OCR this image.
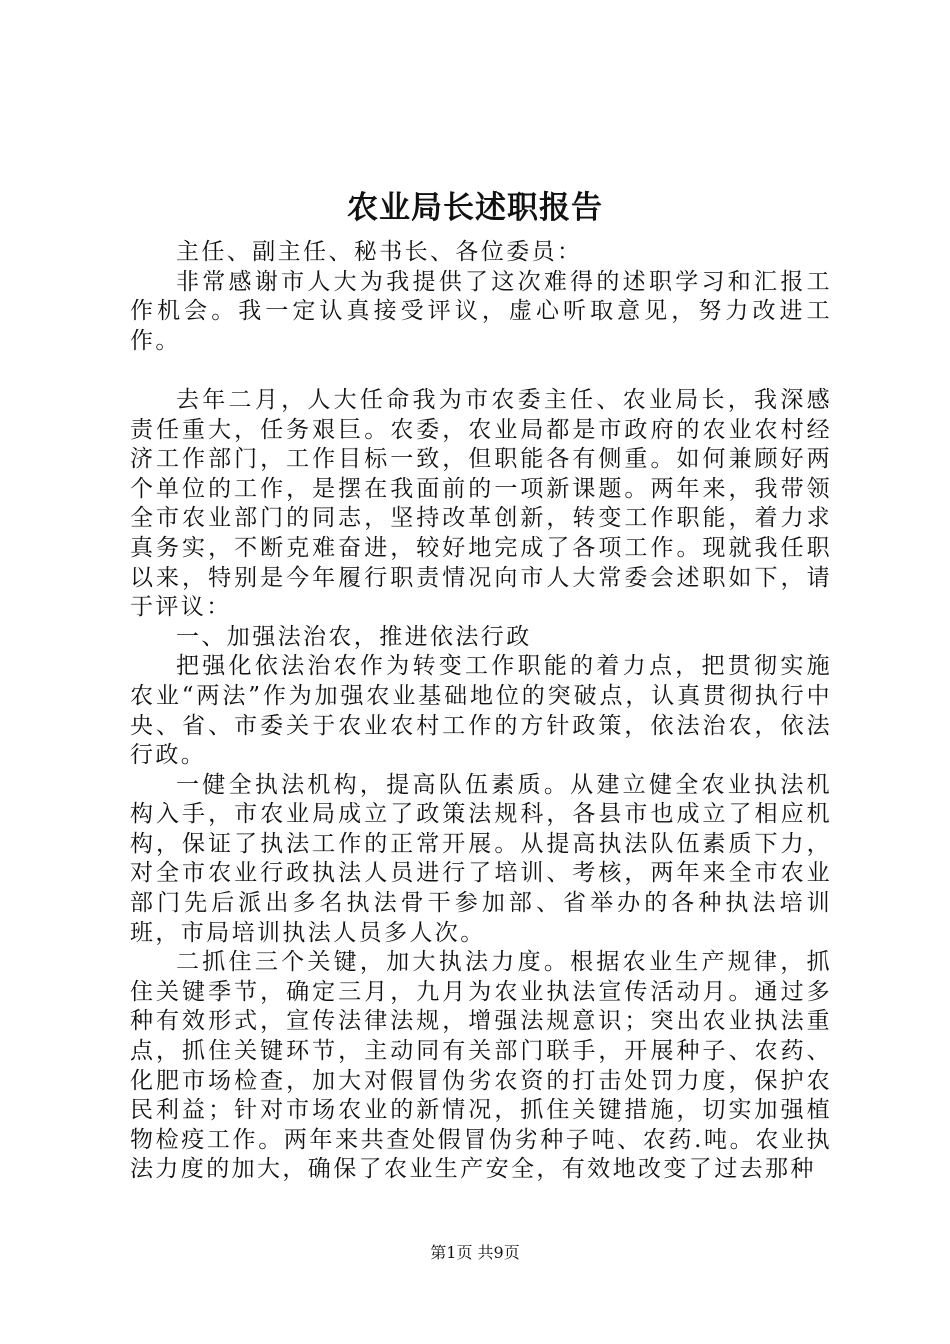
农业局长述职报告

主任、副主任、秘书长、各位委员：

非常感谢市人大为我提供了这次难得的述职学习和汇报工作机会。我一定认真接受评议，虚心听取意见，努力改进工作。

去年二月，人大任命我为市农委主任、农业局长，我深感责任重大，任务艰巨。农委，农业局都是市政府的农业农村经济工作部门，工作目标一致，但职能各有侧重。如何兼顾好两个单位的工作，是摆在我面前的一项新课题。两年来，我带领全市农业部门的同志，坚持改革创新，转变工作职能，着力求真务实，不断克难奋进，较好地完成了各项工作。现就我任职以来，特别是今年履行职责情况向市人大常委会述职如下，请于评议：

一、加强法治农，推进依法行政

把强化依法治农作为转变工作职能的着力点，把贯彻实施农业“两法”作为加强农业基础地位的突破点，认真贯彻执行中央、省、市委关于农业农村工作的方针政策，依法治农，依法行政。

一健全执法机构，提高队伍素质。从建立健全农业执法机构入手，市农业局成立了政策法规科，各县市也成立了相应机构，保证了执法工作的正常开展。从提高执法队伍素质下力，对全市农业行政执法人员进行了培训、考核，两年来全市农业部门先后派出多名执法骨干参加部、省举办的各种执法培训班，市局培训执法人员多人次。

二抓住三个关键，加大执法力度。根据农业生产规律，抓住关键季节，确定三月，九月为农业执法宣传活动月。通过多种有效形式，宣传法律法规，增强法规意识；突出农业执法重点，抓住关键环节，主动同有关部门联手，开展种子、农药、化肥市场检查，加大对假冒伪劣农资的打击处罚力度，保护农民利益；针对市场农业的新情况，抓住关键措施，切实加强植物检疫工作。两年来共查处假冒伪劣种子吨、农药.吨。农业执法力度的加大，确保了农业生产安全，有效地改变了过去那种

第1页 共9页
